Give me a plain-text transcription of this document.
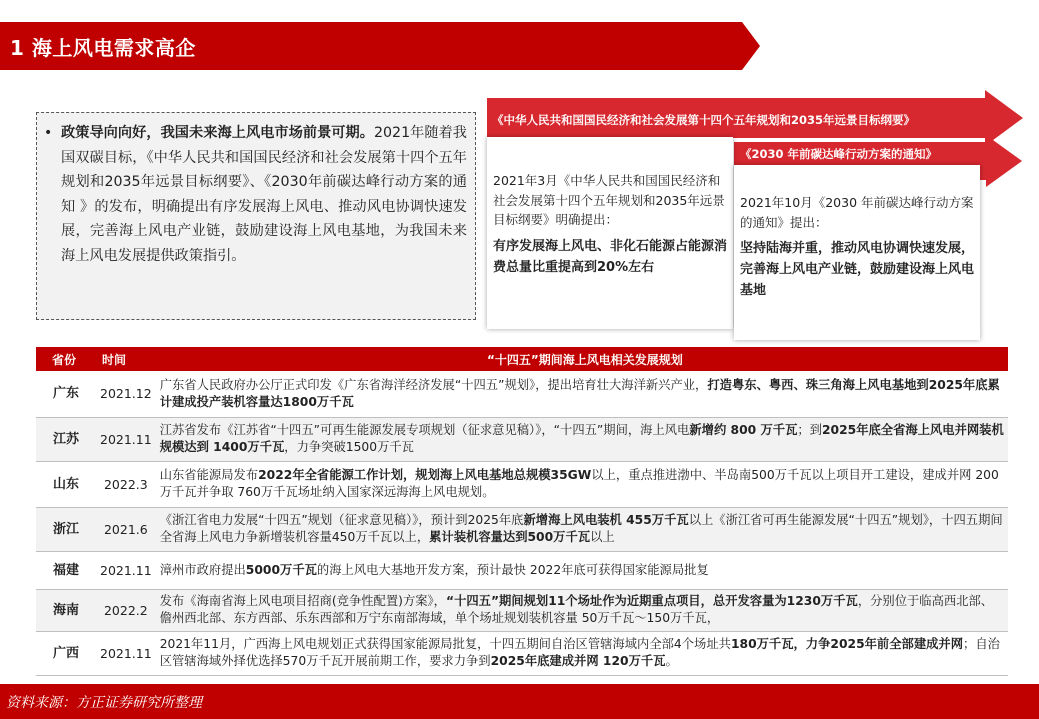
1 海上风电需求高企
• 政策导向向好，我国未来海上风电市场前景可期。2021年随着我国双碳目标，《中华人民共和国国民经济和社会发展第十四个五年规划和2035年远景目标纲要》、《2030年前碳达峰行动方案的通知 》的发布，明确提出有序发展海上风电、推动风电协调快速发展，完善海上风电产业链，鼓励建设海上风电基地，为我国未来海上风电发展提供政策指引。
《中华人民共和国国民经济和社会发展第十四个五年规划和2035年远景目标纲要》
《2030 年前碳达峰行动方案的通知》
2021年3月《中华人民共和国国民经济和社会发展第十四个五年规划和2035年远景目标纲要》明确提出：
有序发展海上风电、非化石能源占能源消费总量比重提高到20%左右
2021年10月《2030 年前碳达峰行动方案的通知》提出：
坚持陆海并重，推动风电协调快速发展，完善海上风电产业链，鼓励建设海上风电基地
省份	时间	“十四五”期间海上风电相关发展规划
广东	2021.12	广东省人民政府办公厅正式印发《广东省海洋经济发展“十四五”规划》，提出培育壮大海洋新兴产业，打造粤东、粤西、珠三角海上风电基地到2025年底累计建成投产装机容量达1800万千瓦
江苏	2021.11	江苏省发布《江苏省“十四五”可再生能源发展专项规划（征求意见稿）》，“十四五”期间，海上风电新增约 800 万千瓦；到2025年底全省海上风电并网装机规模达到 1400万千瓦，力争突破1500万千瓦
山东	2022.3	山东省能源局发布2022年全省能源工作计划，规划海上风电基地总规模35GW以上，重点推进渤中、半岛南500万千瓦以上项目开工建设，建成并网 200万千瓦并争取 760万千瓦场址纳入国家深远海海上风电规划。
浙江	2021.6	《浙江省电力发展“十四五”规划（征求意见稿）》，预计到2025年底新增海上风电装机 455万千瓦以上《浙江省可再生能源发展“十四五”规划》，十四五期间全省海上风电力争新增装机容量450万千瓦以上，累计装机容量达到500万千瓦以上
福建	2021.11	漳州市政府提出5000万千瓦的海上风电大基地开发方案，预计最快 2022年底可获得国家能源局批复
海南	2022.2	发布《海南省海上风电项目招商(竞争性配置)方案》，“十四五”期间规划11个场址作为近期重点项目，总开发容量为1230万千瓦，分别位于临高西北部、儋州西北部、东方西部、乐东西部和万宁东南部海域，单个场址规划装机容量 50万千瓦～150万千瓦，
广西	2021.11	2021年11月，广西海上风电规划正式获得国家能源局批复，十四五期间自治区管辖海域内全部4个场址共180万千瓦，力争2025年前全部建成并网；自治区管辖海域外择优选择570万千瓦开展前期工作，要求力争到2025年底建成并网 120万千瓦。
资料来源：方正证券研究所整理
